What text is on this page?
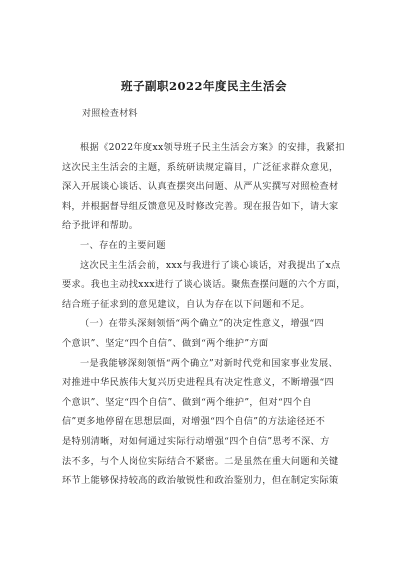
班子副职2022年度民主生活会
对照检查材料
根据《2022年度xx领导班子民主生活会方案》的安排，我紧扣
这次民主生活会的主题，系统研读规定篇目，广泛征求群众意见，
深入开展谈心谈话、认真查摆突出问题、从严从实撰写对照检查材
料，并根据督导组反馈意见及时修改完善。现在报告如下，请大家
给予批评和帮助。
一、存在的主要问题
这次民主生活会前，xxx与我进行了谈心谈话，对我提出了x点
要求。我也主动找xxx进行了谈心谈话。聚焦查摆问题的六个方面，
结合班子征求到的意见建议，自认为存在以下问题和不足。
（一）在带头深刻领悟“两个确立”的决定性意义，增强“四
个意识”、坚定“四个自信”、做到“两个维护”方面
一是我能够深刻领悟“两个确立”对新时代党和国家事业发展、
对推进中华民族伟大复兴历史进程具有决定性意义，不断增强“四
个意识”、坚定“四个自信”、做到“两个维护”，但对“四个自
信”更多地停留在思想层面，对增强“四个自信”的方法途径还不
是特别清晰，对如何通过实际行动增强“四个自信”思考不深、方
法不多，与个人岗位实际结合不紧密。二是虽然在重大问题和关键
环节上能够保持较高的政治敏锐性和政治鉴别力，但在制定实际策
